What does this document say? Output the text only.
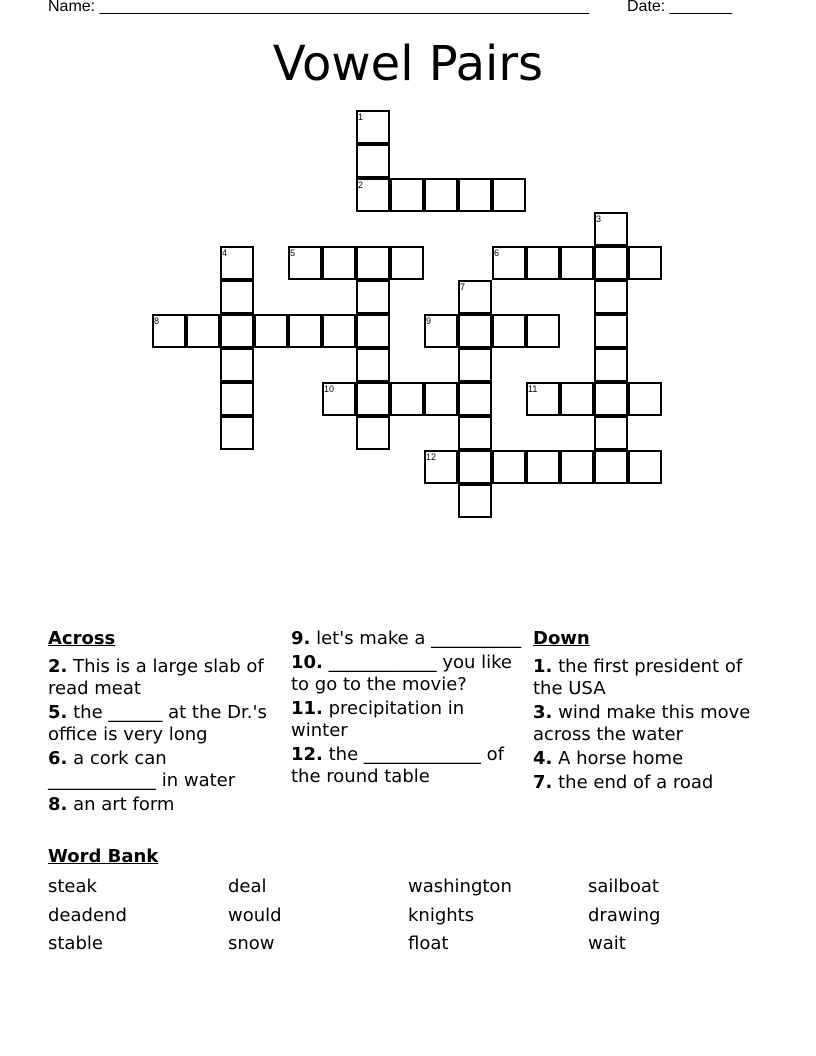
Name: _______________________________________________________ Date: _______
Vowel Pairs
1
2
3
4	5	6
7
8	9
10	11
12
Across
2. This is a large slab of read meat
5. the ______ at the Dr.'s office is very long
6. a cork can ____________ in water
8. an art form
9. let's make a __________
10. ____________ you like to go to the movie?
11. precipitation in winter
12. the _____________ of the round table
Down
1. the first president of the USA
3. wind make this move across the water
4. A horse home
7. the end of a road
Word Bank
steak	deal	washington	sailboat
deadend	would	knights	drawing
stable	snow	float	wait
